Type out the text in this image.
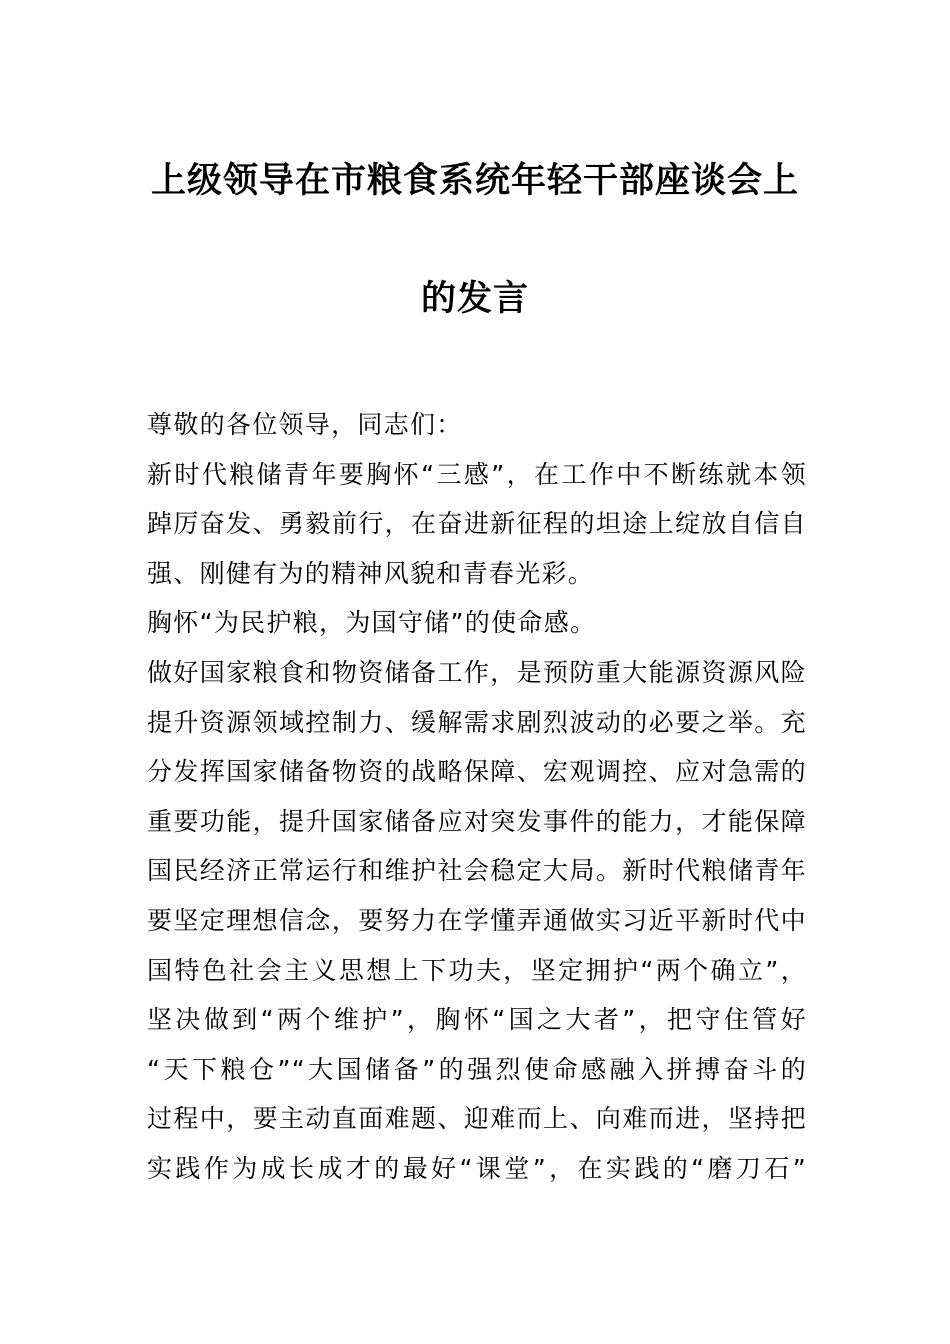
上级领导在市粮食系统年轻干部座谈会上
的发言
尊敬的各位领导，同志们：
新时代粮储青年要胸怀“三感”，在工作中不断练就本领
踔厉奋发、勇毅前行，在奋进新征程的坦途上绽放自信自
强、刚健有为的精神风貌和青春光彩。
胸怀“为民护粮，为国守储”的使命感。
做好国家粮食和物资储备工作，是预防重大能源资源风险
提升资源领域控制力、缓解需求剧烈波动的必要之举。充
分发挥国家储备物资的战略保障、宏观调控、应对急需的
重要功能，提升国家储备应对突发事件的能力，才能保障
国民经济正常运行和维护社会稳定大局。新时代粮储青年
要坚定理想信念，要努力在学懂弄通做实习近平新时代中
国特色社会主义思想上下功夫，坚定拥护“两个确立”，
坚决做到“两个维护”，胸怀“国之大者”，把守住管好
“天下粮仓”“大国储备”的强烈使命感融入拼搏奋斗的
过程中，要主动直面难题、迎难而上、向难而进，坚持把
实践作为成长成才的最好“课堂”，在实践的“磨刀石”
